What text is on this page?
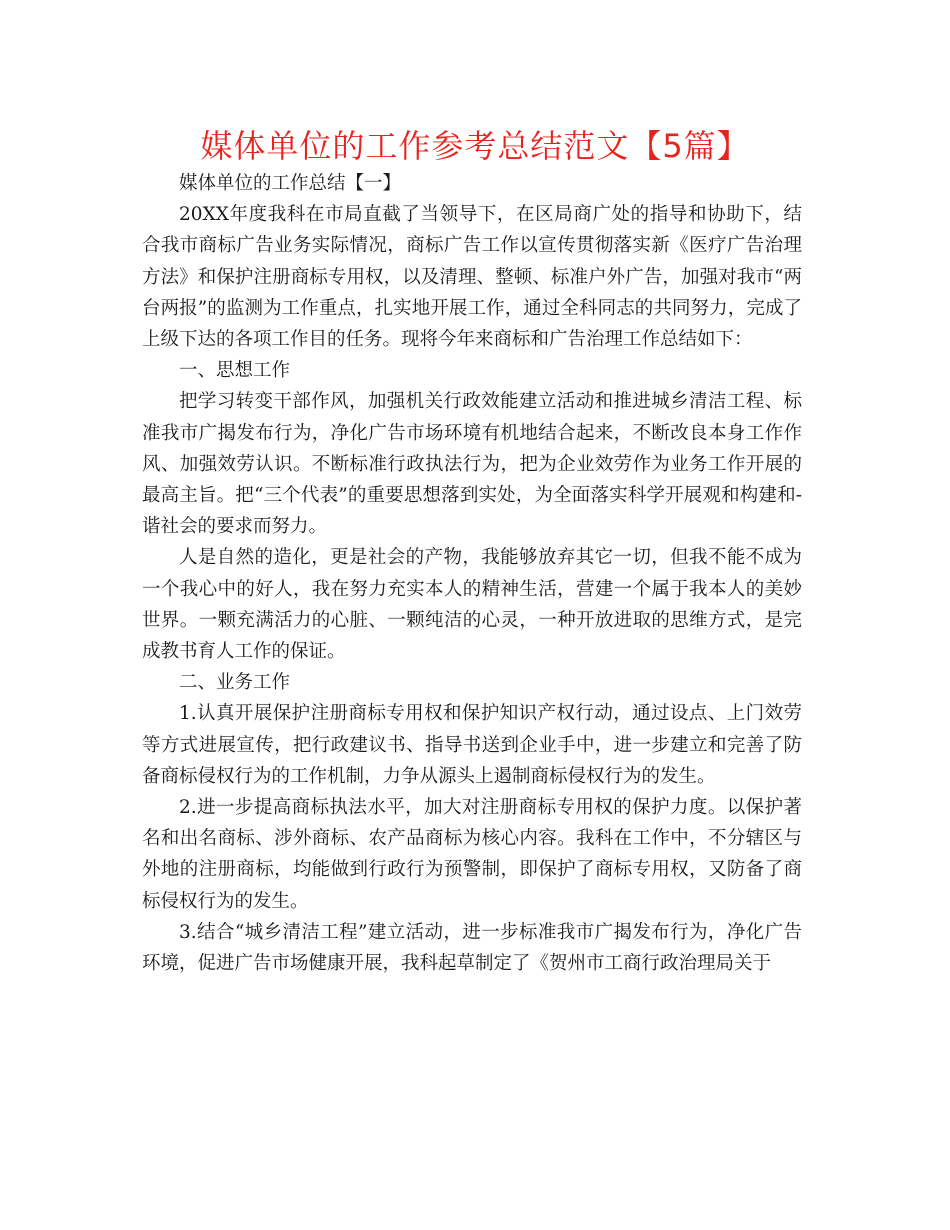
媒体单位的工作参考总结范文【5篇】

媒体单位的工作总结【一】

20XX年度我科在市局直截了当领导下，在区局商广处的指导和协助下，结合我市商标广告业务实际情况，商标广告工作以宣传贯彻落实新《医疗广告治理方法》和保护注册商标专用权，以及清理、整顿、标准户外广告，加强对我市“两台两报”的监测为工作重点，扎实地开展工作，通过全科同志的共同努力，完成了上级下达的各项工作目的任务。现将今年来商标和广告治理工作总结如下：

一、思想工作

把学习转变干部作风，加强机关行政效能建立活动和推进城乡清洁工程、标准我市广揭发布行为，净化广告市场环境有机地结合起来，不断改良本身工作作风、加强效劳认识。不断标准行政执法行为，把为企业效劳作为业务工作开展的最高主旨。把“三个代表”的重要思想落到实处，为全面落实科学开展观和构建和-谐社会的要求而努力。

人是自然的造化，更是社会的产物，我能够放弃其它一切，但我不能不成为一个我心中的好人，我在努力充实本人的精神生活，营建一个属于我本人的美妙世界。一颗充满活力的心脏、一颗纯洁的心灵，一种开放进取的思维方式，是完成教书育人工作的保证。

二、业务工作

1.认真开展保护注册商标专用权和保护知识产权行动，通过设点、上门效劳等方式进展宣传，把行政建议书、指导书送到企业手中，进一步建立和完善了防备商标侵权行为的工作机制，力争从源头上遏制商标侵权行为的发生。

2.进一步提高商标执法水平，加大对注册商标专用权的保护力度。以保护著名和出名商标、涉外商标、农产品商标为核心内容。我科在工作中，不分辖区与外地的注册商标，均能做到行政行为预警制，即保护了商标专用权，又防备了商标侵权行为的发生。

3.结合“城乡清洁工程”建立活动，进一步标准我市广揭发布行为，净化广告环境，促进广告市场健康开展，我科起草制定了《贺州市工商行政治理局关于
